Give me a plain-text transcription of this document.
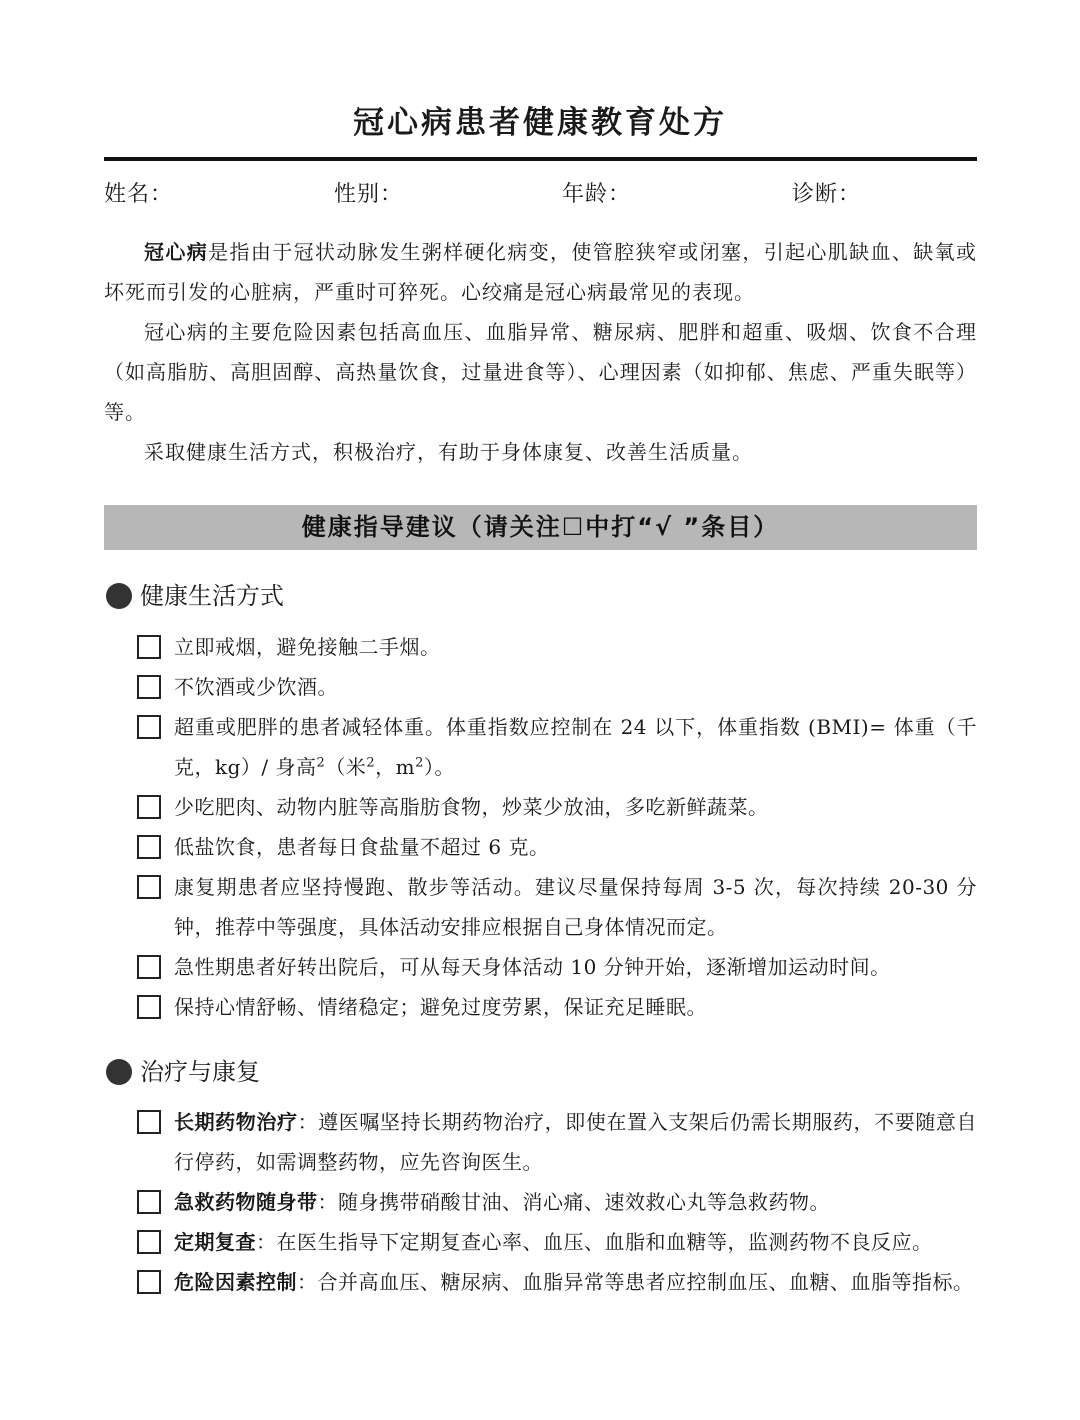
冠心病患者健康教育处方
姓名：	性别：	年龄：	诊断：

冠心病是指由于冠状动脉发生粥样硬化病变，使管腔狭窄或闭塞，引起心肌缺血、缺氧或坏死而引发的心脏病，严重时可猝死。心绞痛是冠心病最常见的表现。

冠心病的主要危险因素包括高血压、血脂异常、糖尿病、肥胖和超重、吸烟、饮食不合理（如高脂肪、高胆固醇、高热量饮食，过量进食等）、心理因素（如抑郁、焦虑、严重失眠等）等。

采取健康生活方式，积极治疗，有助于身体康复、改善生活质量。

健康指导建议（请关注☐中打“√ ”条目）
健康生活方式
立即戒烟，避免接触二手烟。
不饮酒或少饮酒。
超重或肥胖的患者减轻体重。体重指数应控制在 24 以下，体重指数 (BMI)= 体重（千克，kg）/ 身高$^2$（米$^2$，$m^2$）。
少吃肥肉、动物内脏等高脂肪食物，炒菜少放油，多吃新鲜蔬菜。
低盐饮食，患者每日食盐量不超过 6 克。
康复期患者应坚持慢跑、散步等活动。建议尽量保持每周 3-5 次，每次持续 20-30 分钟，推荐中等强度，具体活动安排应根据自己身体情况而定。
急性期患者好转出院后，可从每天身体活动 10 分钟开始，逐渐增加运动时间。
保持心情舒畅、情绪稳定；避免过度劳累，保证充足睡眠。
治疗与康复
长期药物治疗：遵医嘱坚持长期药物治疗，即使在置入支架后仍需长期服药，不要随意自行停药，如需调整药物，应先咨询医生。
急救药物随身带：随身携带硝酸甘油、消心痛、速效救心丸等急救药物。
定期复查：在医生指导下定期复查心率、血压、血脂和血糖等，监测药物不良反应。
危险因素控制：合并高血压、糖尿病、血脂异常等患者应控制血压、血糖、血脂等指标。
